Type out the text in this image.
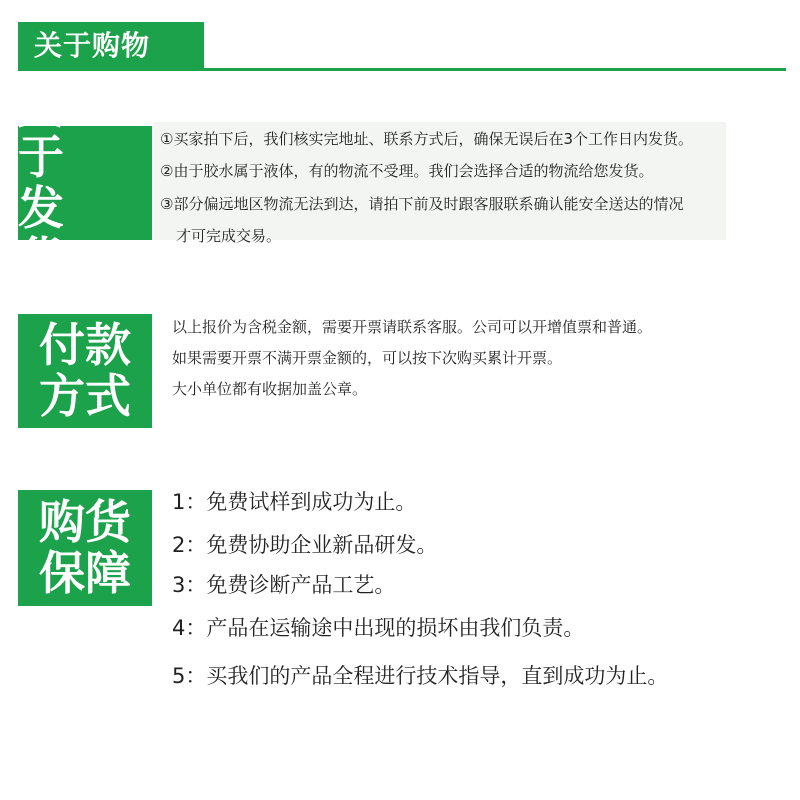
关于购物
关 于
发 货
①买家拍下后，我们核实完地址、联系方式后，确保无误后在3个工作日内发货。
②由于胶水属于液体，有的物流不受理。我们会选择合适的物流给您发货。
③部分偏远地区物流无法到达，请拍下前及时跟客服联系确认能安全送达的情况
才可完成交易。
付款
方式
以上报价为含税金额，需要开票请联系客服。公司可以开增值票和普通。
如果需要开票不满开票金额的，可以按下次购买累计开票。
大小单位都有收据加盖公章。
购货
保障
1：免费试样到成功为止。
2：免费协助企业新品研发。
3：免费诊断产品工艺。
4：产品在运输途中出现的损坏由我们负责。
5：买我们的产品全程进行技术指导，直到成功为止。
